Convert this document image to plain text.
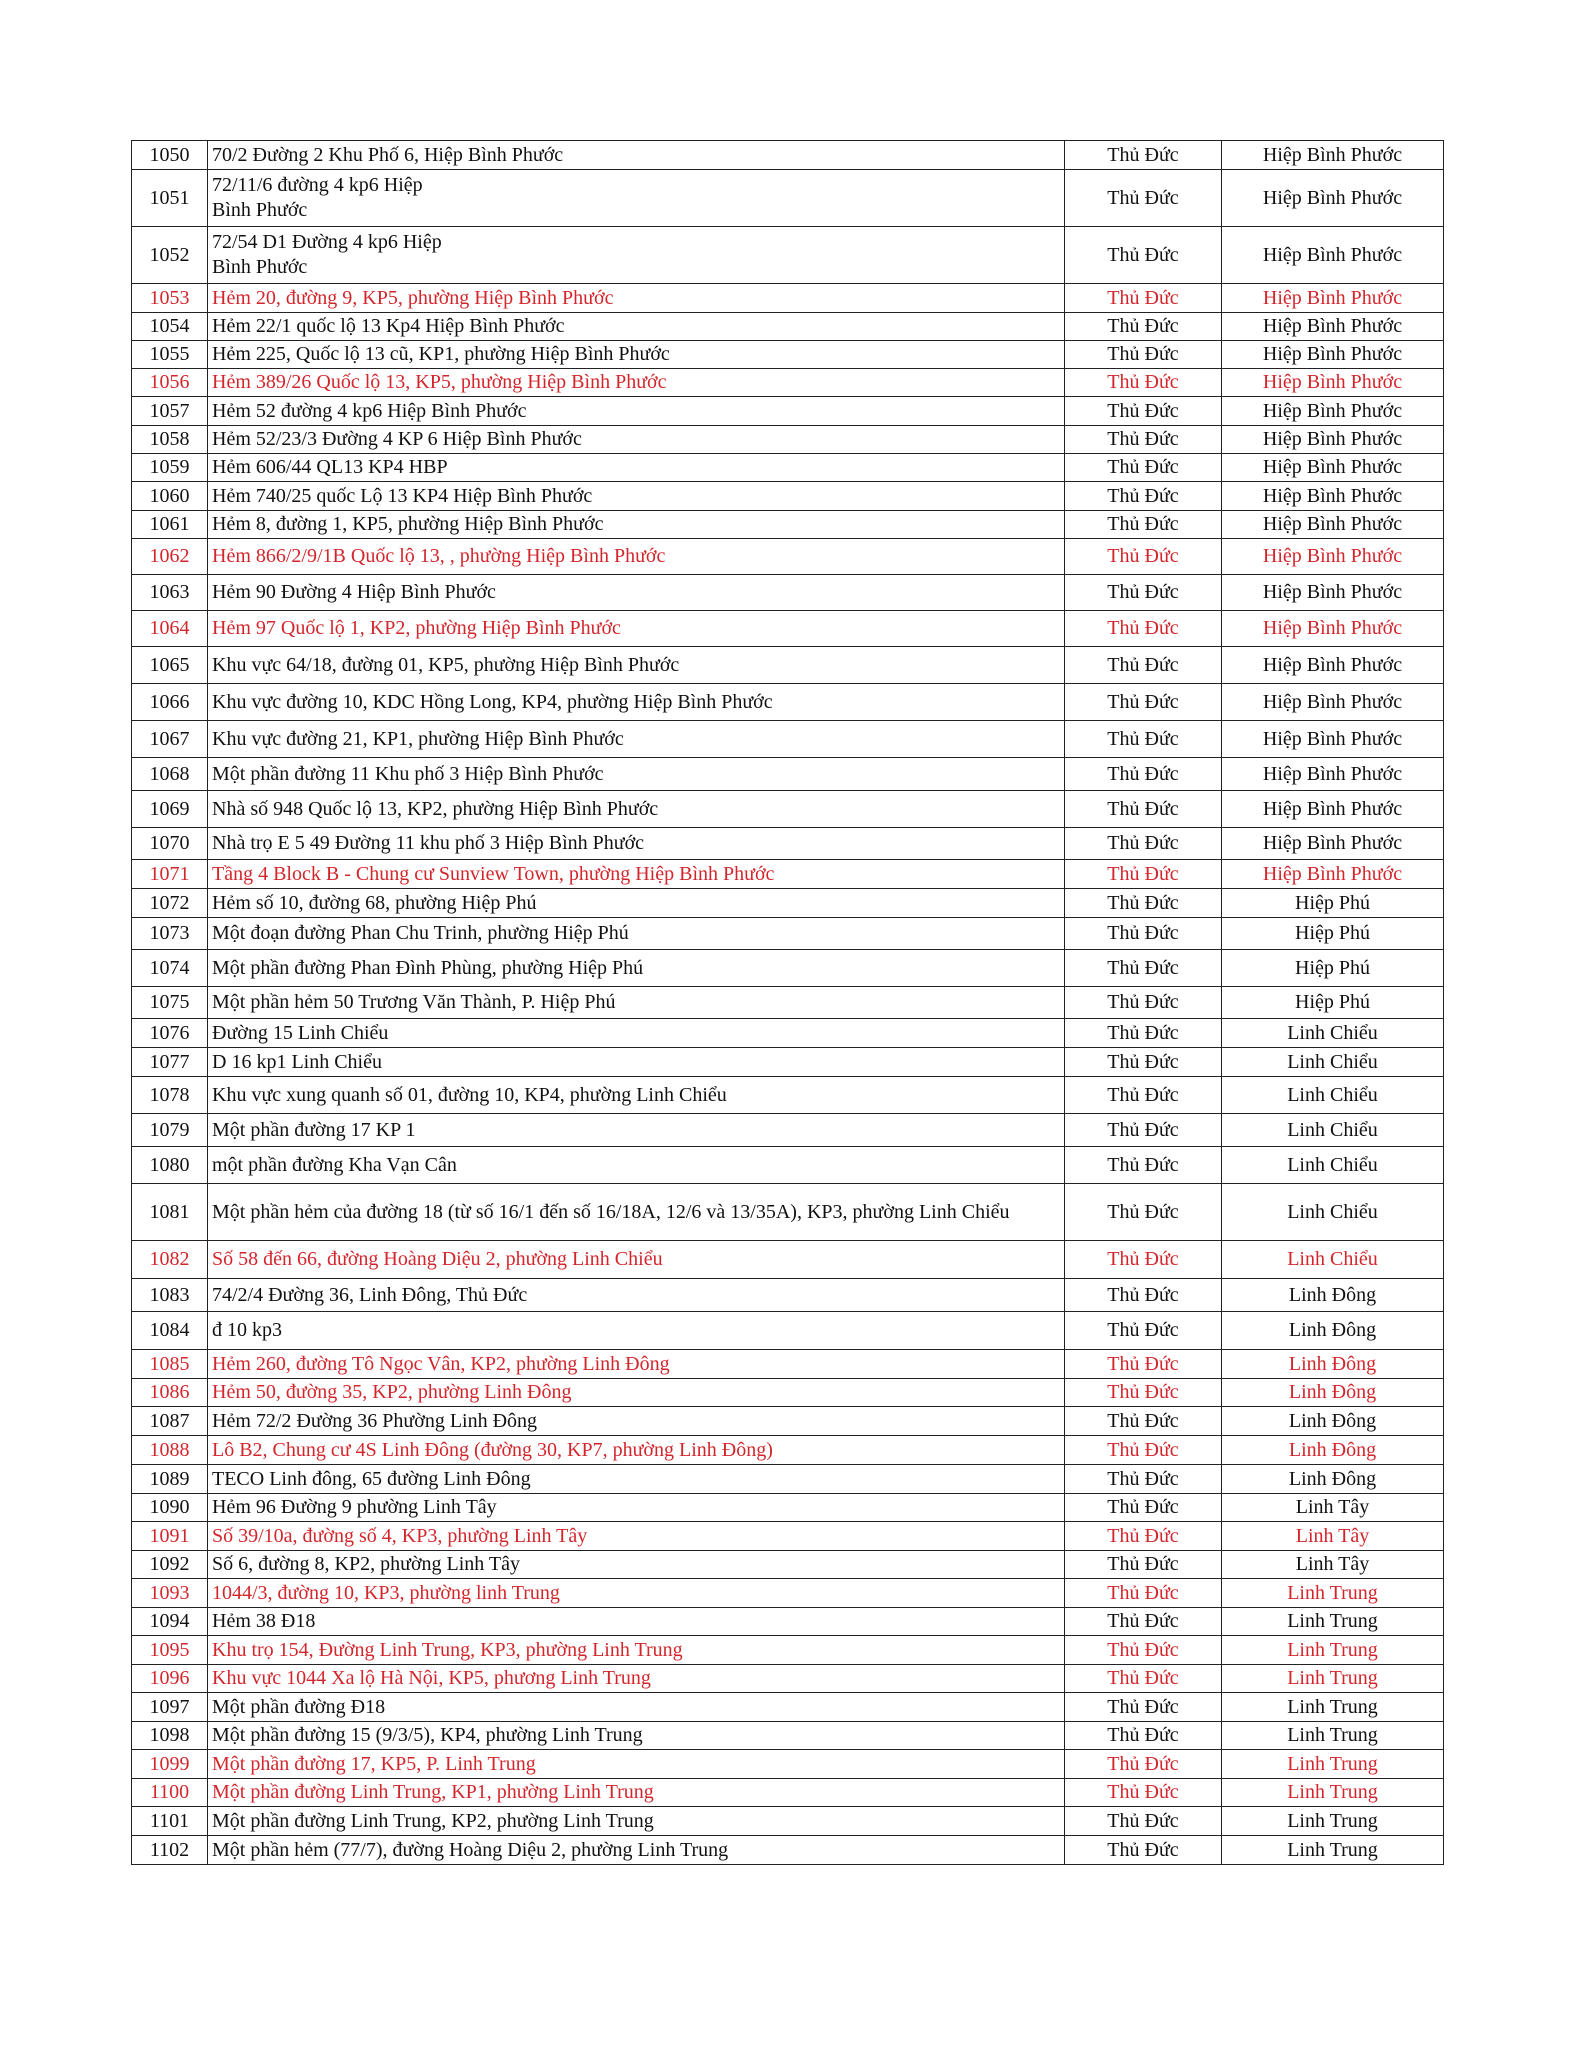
1050	70/2 Đường 2 Khu Phố 6, Hiệp Bình Phước	Thủ Đức	Hiệp Bình Phước
1051	72/11/6 đường 4 kp6 Hiệp
Bình Phước	Thủ Đức	Hiệp Bình Phước
1052	72/54 D1 Đường 4 kp6 Hiệp
Bình Phước	Thủ Đức	Hiệp Bình Phước
1053	Hẻm 20, đường 9, KP5, phường Hiệp Bình Phước	Thủ Đức	Hiệp Bình Phước
1054	Hẻm 22/1 quốc lộ 13 Kp4 Hiệp Bình Phước	Thủ Đức	Hiệp Bình Phước
1055	Hẻm 225, Quốc lộ 13 cũ, KP1, phường Hiệp Bình Phước	Thủ Đức	Hiệp Bình Phước
1056	Hẻm 389/26 Quốc lộ 13, KP5, phường Hiệp Bình Phước	Thủ Đức	Hiệp Bình Phước
1057	Hẻm 52 đường 4 kp6 Hiệp Bình Phước	Thủ Đức	Hiệp Bình Phước
1058	Hẻm 52/23/3 Đường 4 KP 6 Hiệp Bình Phước	Thủ Đức	Hiệp Bình Phước
1059	Hẻm 606/44 QL13 KP4 HBP	Thủ Đức	Hiệp Bình Phước
1060	Hẻm 740/25 quốc Lộ 13 KP4 Hiệp Bình Phước	Thủ Đức	Hiệp Bình Phước
1061	Hẻm 8, đường 1, KP5, phường Hiệp Bình Phước	Thủ Đức	Hiệp Bình Phước
1062	Hẻm 866/2/9/1B Quốc lộ 13, , phường Hiệp Bình Phước	Thủ Đức	Hiệp Bình Phước
1063	Hẻm 90 Đường 4 Hiệp Bình Phước	Thủ Đức	Hiệp Bình Phước
1064	Hẻm 97 Quốc lộ 1, KP2, phường Hiệp Bình Phước	Thủ Đức	Hiệp Bình Phước
1065	Khu vực 64/18, đường 01, KP5, phường Hiệp Bình Phước	Thủ Đức	Hiệp Bình Phước
1066	Khu vực đường 10, KDC Hồng Long, KP4, phường Hiệp Bình Phước	Thủ Đức	Hiệp Bình Phước
1067	Khu vực đường 21, KP1, phường Hiệp Bình Phước	Thủ Đức	Hiệp Bình Phước
1068	Một phần đường 11 Khu phố 3 Hiệp Bình Phước	Thủ Đức	Hiệp Bình Phước
1069	Nhà số 948 Quốc lộ 13, KP2, phường Hiệp Bình Phước	Thủ Đức	Hiệp Bình Phước
1070	Nhà trọ E 5 49 Đường 11 khu phố 3 Hiệp Bình Phước	Thủ Đức	Hiệp Bình Phước
1071	Tầng 4 Block B - Chung cư Sunview Town, phường Hiệp Bình Phước	Thủ Đức	Hiệp Bình Phước
1072	Hẻm số 10, đường 68, phường Hiệp Phú	Thủ Đức	Hiệp Phú
1073	Một đoạn đường Phan Chu Trinh, phường Hiệp Phú	Thủ Đức	Hiệp Phú
1074	Một phần đường Phan Đình Phùng, phường Hiệp Phú	Thủ Đức	Hiệp Phú
1075	Một phần hẻm 50 Trương Văn Thành, P. Hiệp Phú	Thủ Đức	Hiệp Phú
1076	Đường 15 Linh Chiểu	Thủ Đức	Linh Chiểu
1077	D 16 kp1 Linh Chiểu	Thủ Đức	Linh Chiểu
1078	Khu vực xung quanh số 01, đường 10, KP4, phường Linh Chiểu	Thủ Đức	Linh Chiểu
1079	Một phần đường 17 KP 1	Thủ Đức	Linh Chiểu
1080	một phần đường Kha Vạn Cân	Thủ Đức	Linh Chiểu
1081	Một phần hẻm của đường 18 (từ số 16/1 đến số 16/18A, 12/6 và 13/35A), KP3, phường Linh Chiểu	Thủ Đức	Linh Chiểu
1082	Số 58 đến 66, đường Hoàng Diệu 2, phường Linh Chiểu	Thủ Đức	Linh Chiểu
1083	74/2/4 Đường 36, Linh Đông, Thủ Đức	Thủ Đức	Linh Đông
1084	đ 10 kp3	Thủ Đức	Linh Đông
1085	Hẻm 260, đường Tô Ngọc Vân, KP2, phường Linh Đông	Thủ Đức	Linh Đông
1086	Hẻm 50, đường 35, KP2, phường Linh Đông	Thủ Đức	Linh Đông
1087	Hẻm 72/2 Đường 36 Phường Linh Đông	Thủ Đức	Linh Đông
1088	Lô B2, Chung cư 4S Linh Đông (đường 30, KP7, phường Linh Đông)	Thủ Đức	Linh Đông
1089	TECO Linh đông, 65 đường Linh Đông	Thủ Đức	Linh Đông
1090	Hẻm 96 Đường 9 phường Linh Tây	Thủ Đức	Linh Tây
1091	Số 39/10a, đường số 4, KP3, phường Linh Tây	Thủ Đức	Linh Tây
1092	Số 6, đường 8, KP2, phường Linh Tây	Thủ Đức	Linh Tây
1093	1044/3, đường 10, KP3, phường linh Trung	Thủ Đức	Linh Trung
1094	Hẻm 38 Đ18	Thủ Đức	Linh Trung
1095	Khu trọ 154, Đường Linh Trung, KP3, phường Linh Trung	Thủ Đức	Linh Trung
1096	Khu vực 1044 Xa lộ Hà Nội, KP5, phương Linh Trung	Thủ Đức	Linh Trung
1097	Một phần đường Đ18	Thủ Đức	Linh Trung
1098	Một phần đường 15 (9/3/5), KP4, phường Linh Trung	Thủ Đức	Linh Trung
1099	Một phần đường 17, KP5, P. Linh Trung	Thủ Đức	Linh Trung
1100	Một phần đường Linh Trung, KP1, phường Linh Trung	Thủ Đức	Linh Trung
1101	Một phần đường Linh Trung, KP2, phường Linh Trung	Thủ Đức	Linh Trung
1102	Một phần hẻm (77/7), đường Hoàng Diệu 2, phường Linh Trung	Thủ Đức	Linh Trung
